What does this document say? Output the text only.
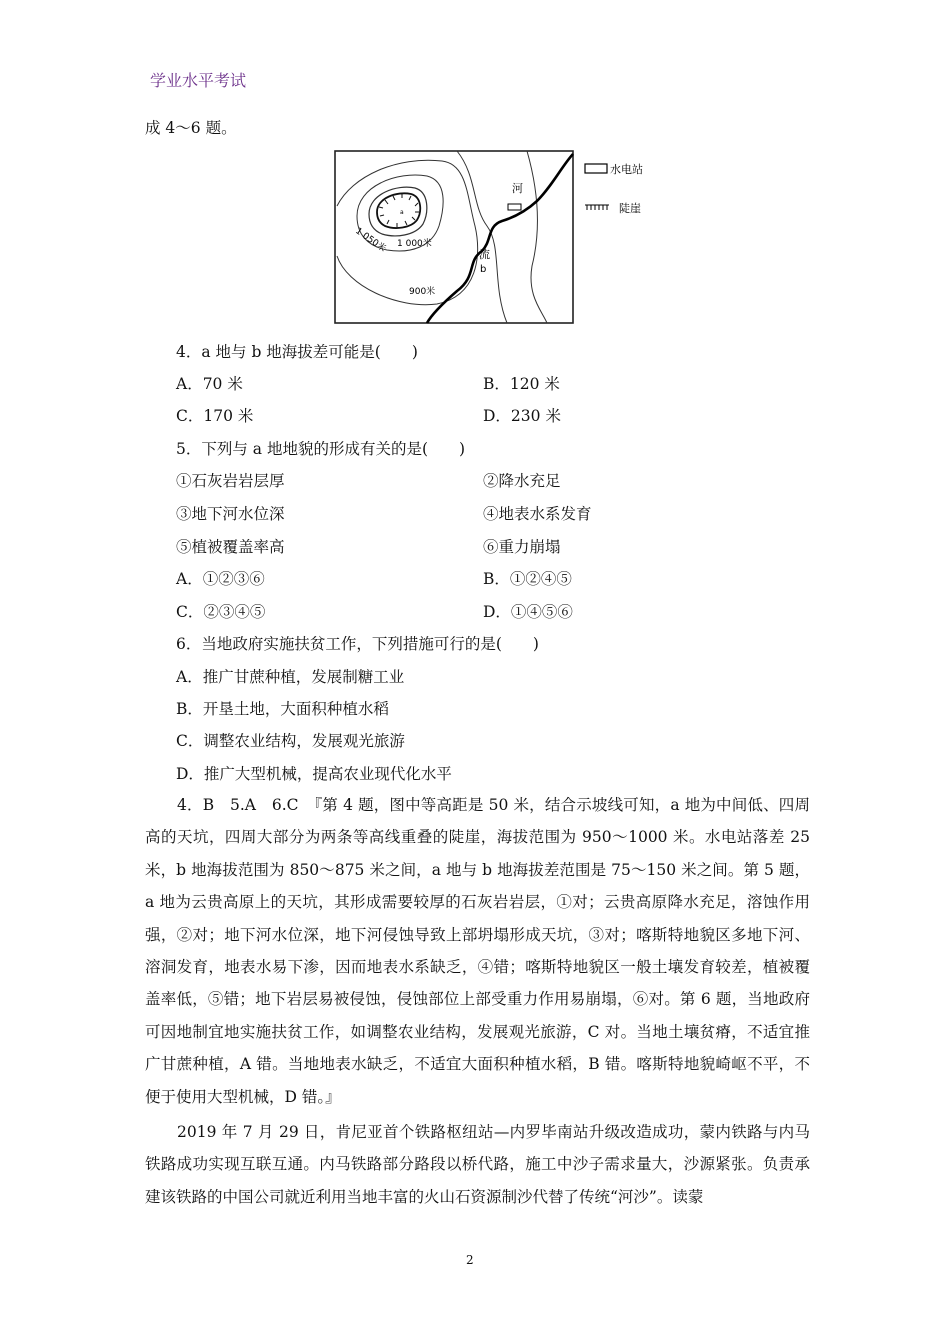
学业水平考试
成 4～6 题。
河
流
a
b
1 050米 1 000米
900米
水电站
陡崖
4．a 地与 b 地海拔差可能是(　　)
A．70 米	B．120 米
C．170 米	D．230 米
5．下列与 a 地地貌的形成有关的是(　　)
①石灰岩岩层厚	②降水充足
③地下河水位深	④地表水系发育
⑤植被覆盖率高	⑥重力崩塌
A．①②③⑥	B．①②④⑤
C．②③④⑤	D．①④⑤⑥
6．当地政府实施扶贫工作，下列措施可行的是(　　)
A．推广甘蔗种植，发展制糖工业
B．开垦土地，大面积种植水稻
C．调整农业结构，发展观光旅游
D．推广大型机械，提高农业现代化水平
4．B　5.A　6.C　『第 4 题，图中等高距是 50 米，结合示坡线可知，a 地为中间低、四周高的天坑，四周大部分为两条等高线重叠的陡崖，海拔范围为 950～1000 米。水电站落差 25 米，b 地海拔范围为 850～875 米之间，a 地与 b 地海拔差范围是 75～150 米之间。第 5 题，a 地为云贵高原上的天坑，其形成需要较厚的石灰岩岩层，①对；云贵高原降水充足，溶蚀作用强，②对；地下河水位深，地下河侵蚀导致上部坍塌形成天坑，③对；喀斯特地貌区多地下河、溶洞发育，地表水易下渗，因而地表水系缺乏，④错；喀斯特地貌区一般土壤发育较差，植被覆盖率低，⑤错；地下岩层易被侵蚀，侵蚀部位上部受重力作用易崩塌，⑥对。第 6 题，当地政府可因地制宜地实施扶贫工作，如调整农业结构，发展观光旅游，C 对。当地土壤贫瘠，不适宜推广甘蔗种植，A 错。当地地表水缺乏，不适宜大面积种植水稻，B 错。喀斯特地貌崎岖不平，不便于使用大型机械，D 错。』
2019 年 7 月 29 日，肯尼亚首个铁路枢纽站—内罗毕南站升级改造成功，蒙内铁路与内马铁路成功实现互联互通。内马铁路部分路段以桥代路，施工中沙子需求量大，沙源紧张。负责承建该铁路的中国公司就近利用当地丰富的火山石资源制沙代替了传统“河沙”。读蒙
2
